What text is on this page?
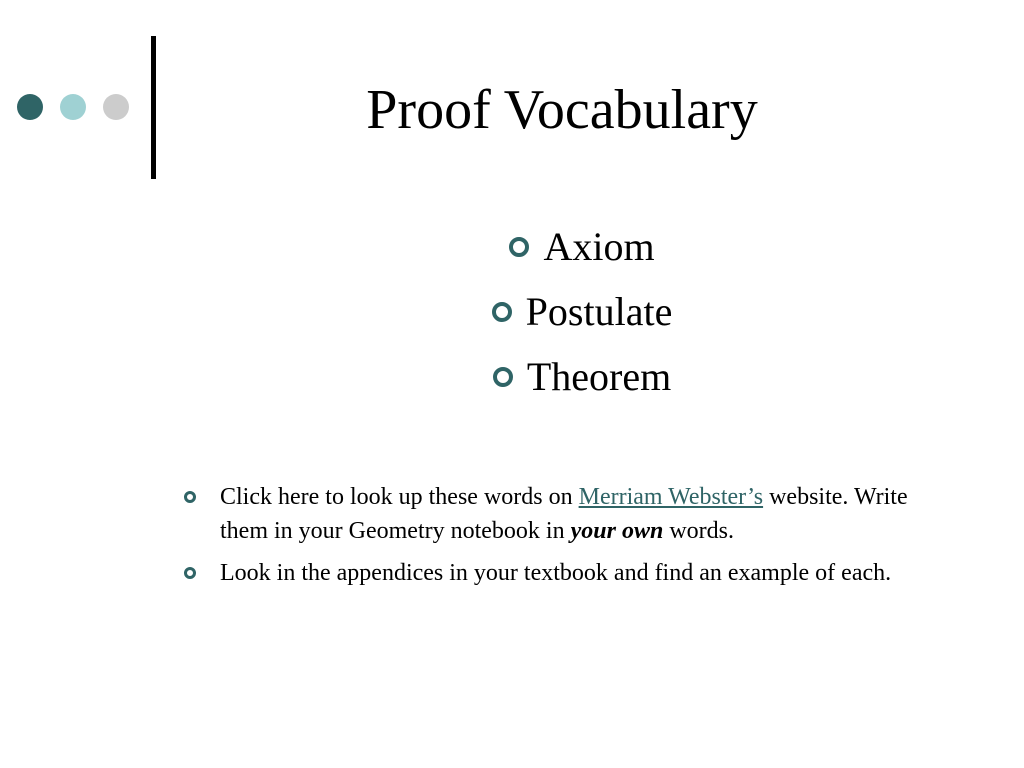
Proof Vocabulary
Axiom
Postulate
Theorem
Click here to look up these words on Merriam Webster’s website. Write them in your Geometry notebook in your own words.
Look in the appendices in your textbook and find an example of each.
